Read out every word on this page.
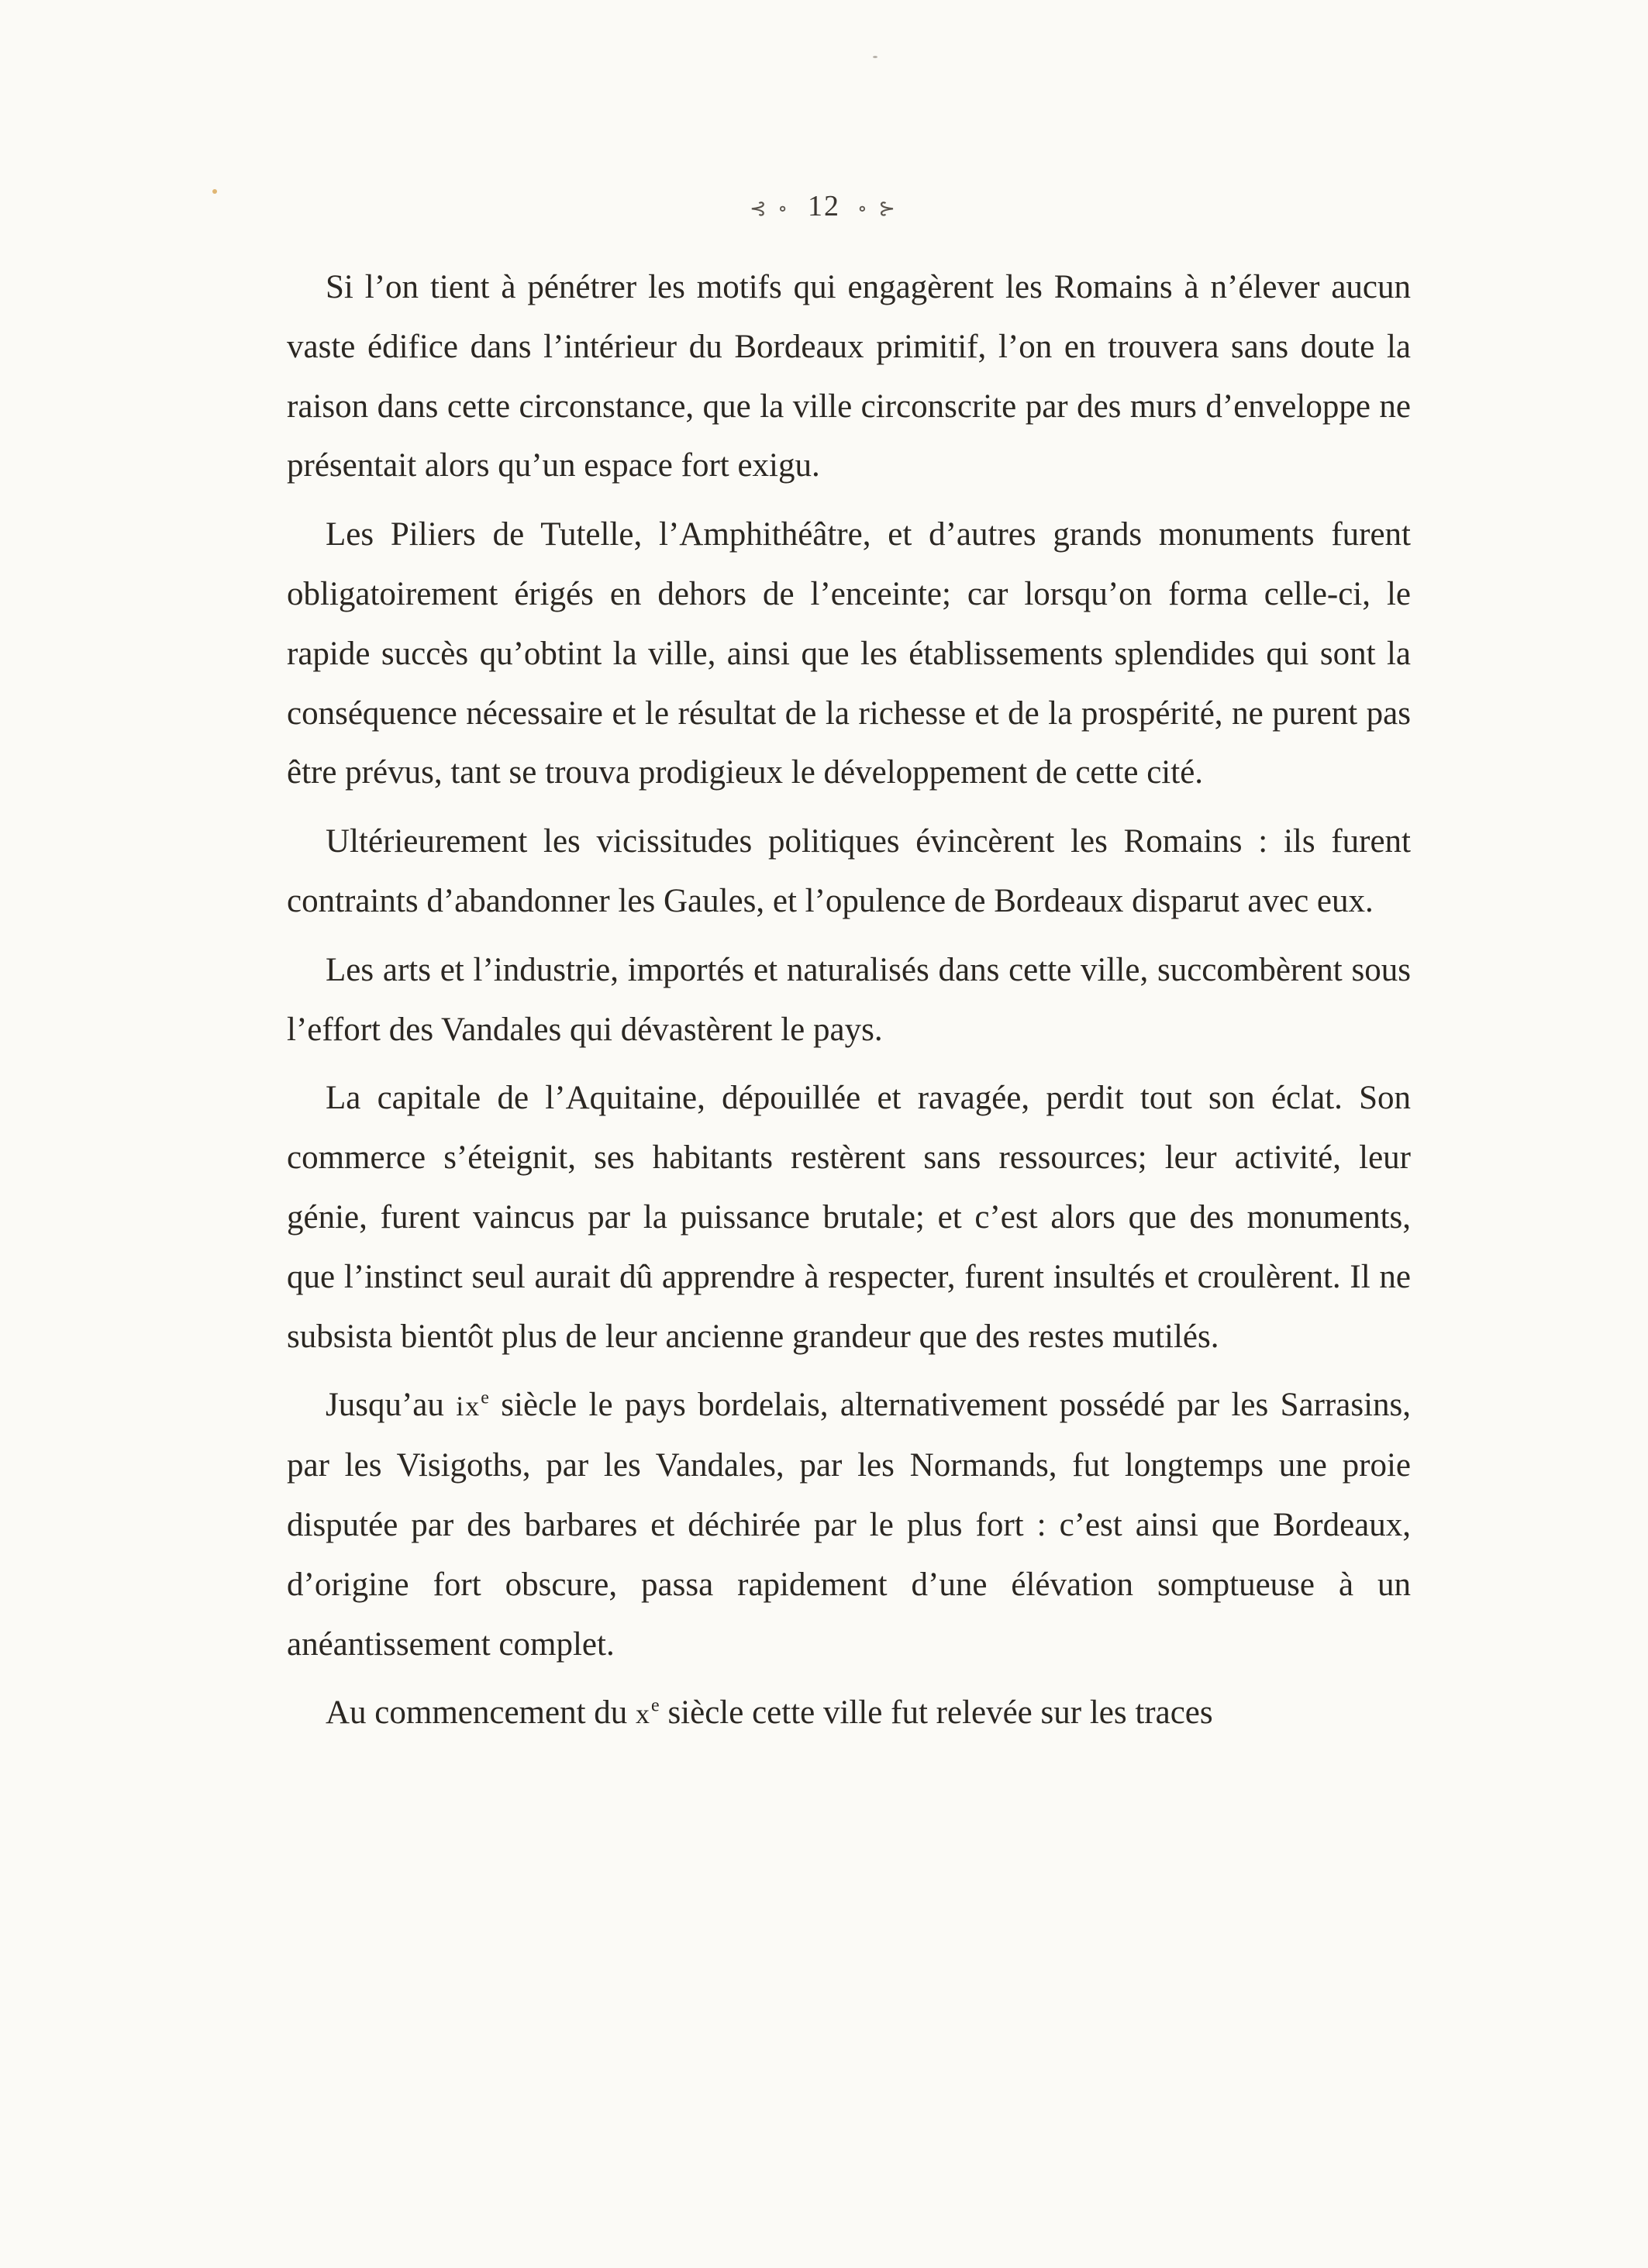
⊰ ∘ 12 ∘ ⊱

Si l’on tient à pénétrer les motifs qui engagèrent les Romains à n’élever aucun vaste édifice dans l’intérieur du Bordeaux primitif, l’on en trouvera sans doute la raison dans cette circonstance, que la ville circonscrite par des murs d’enveloppe ne présentait alors qu’un espace fort exigu.

Les Piliers de Tutelle, l’Amphithéâtre, et d’autres grands monuments furent obligatoirement érigés en dehors de l’enceinte; car lorsqu’on forma celle-ci, le rapide succès qu’obtint la ville, ainsi que les établissements splendides qui sont la conséquence nécessaire et le résultat de la richesse et de la prospérité, ne purent pas être prévus, tant se trouva prodigieux le développement de cette cité.

Ultérieurement les vicissitudes politiques évincèrent les Romains : ils furent contraints d’abandonner les Gaules, et l’opulence de Bordeaux disparut avec eux.

Les arts et l’industrie, importés et naturalisés dans cette ville, succombèrent sous l’effort des Vandales qui dévastèrent le pays.

La capitale de l’Aquitaine, dépouillée et ravagée, perdit tout son éclat. Son commerce s’éteignit, ses habitants restèrent sans ressources; leur activité, leur génie, furent vaincus par la puissance brutale; et c’est alors que des monuments, que l’instinct seul aurait dû apprendre à respecter, furent insultés et croulèrent. Il ne subsista bientôt plus de leur ancienne grandeur que des restes mutilés.

Jusqu’au $ix^e$ siècle le pays bordelais, alternativement possédé par les Sarrasins, par les Visigoths, par les Vandales, par les Normands, fut longtemps une proie disputée par des barbares et déchirée par le plus fort : c’est ainsi que Bordeaux, d’origine fort obscure, passa rapidement d’une élévation somptueuse à un anéantissement complet.

Au commencement du $x^e$ siècle cette ville fut relevée sur les traces
